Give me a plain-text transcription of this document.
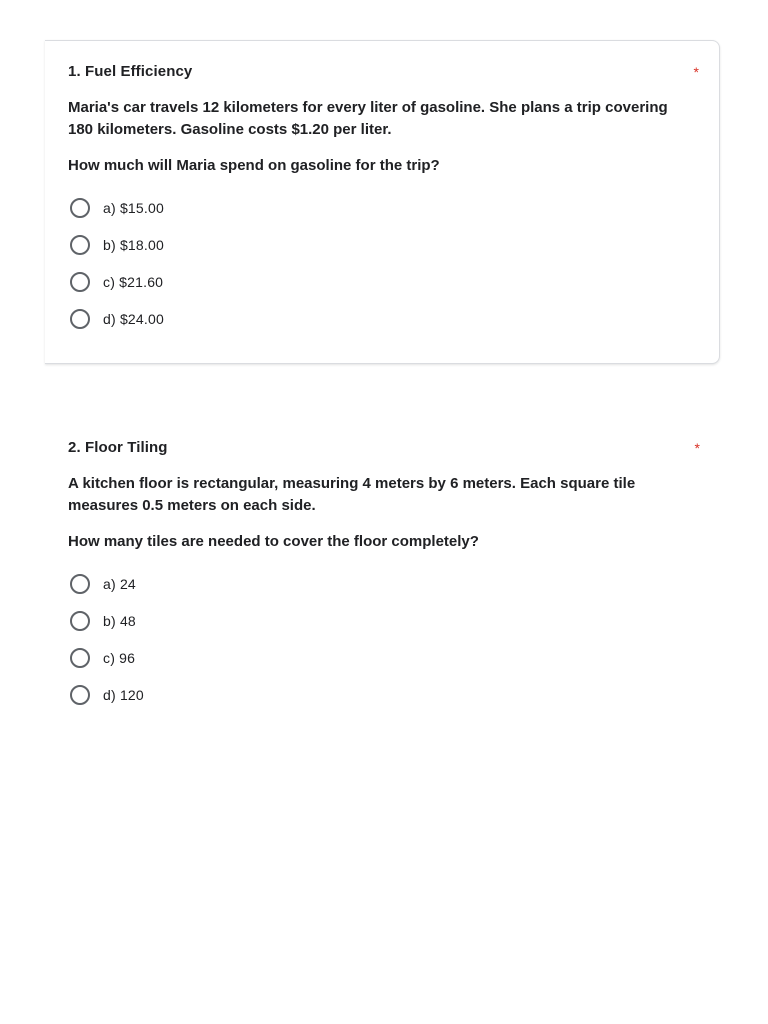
1. Fuel Efficiency	*
Maria's car travels 12 kilometers for every liter of gasoline. She plans a trip covering 180 kilometers. Gasoline costs $1.20 per liter.
How much will Maria spend on gasoline for the trip?
a) $15.00
b) $18.00
c) $21.60
d) $24.00
2. Floor Tiling	*
A kitchen floor is rectangular, measuring 4 meters by 6 meters. Each square tile measures 0.5 meters on each side.
How many tiles are needed to cover the floor completely?
a) 24
b) 48
c) 96
d) 120
